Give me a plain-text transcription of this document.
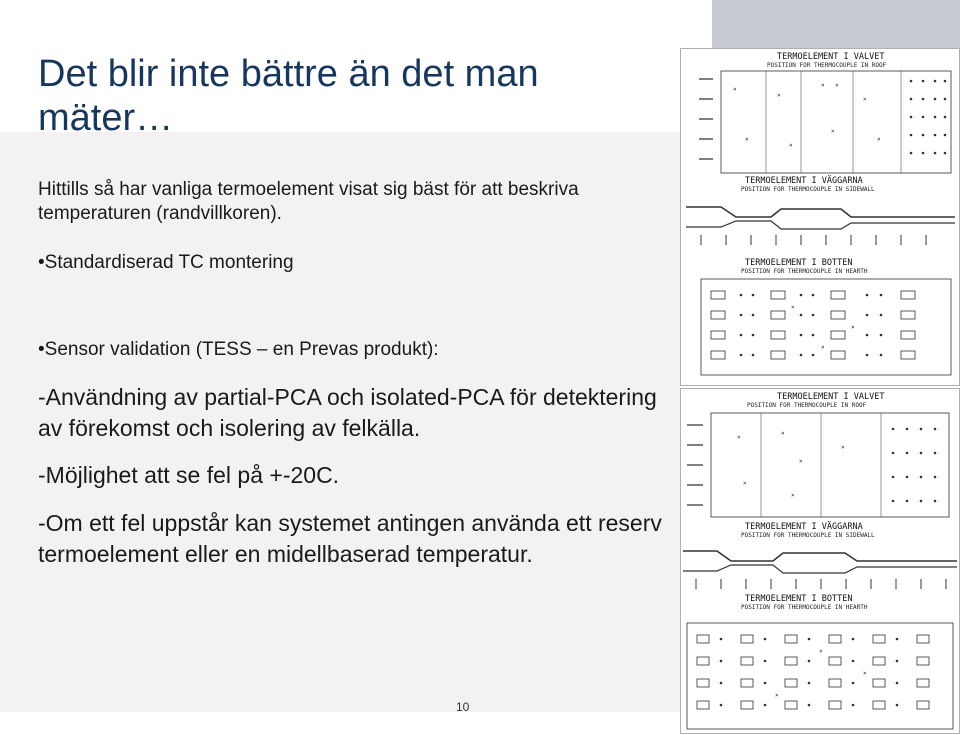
Det blir inte bättre än det man mäter…
Hittills så har vanliga termoelement visat sig bäst för att beskriva temperaturen (randvillkoren).
• Standardiserad TC montering
• Sensor validation (TESS – en Prevas produkt):
-Användning av partial-PCA och isolated-PCA för detektering av förekomst och isolering av felkälla.
-Möjlighet att se fel på +-20C.
-Om ett fel uppstår kan systemet antingen använda ett reserv termoelement eller en midellbaserad temperatur.
10
TERMOELEMENT I VALVET
POSITION FOR THERMOCOUPLE IN ROOF
×
×
× ×
×
×
×
×
×
TERMOELEMENT I VÄGGARNA
POSITION FOR THERMOCOUPLE IN SIDEWALL
TERMOELEMENT I BOTTEN
POSITION FOR THERMOCOUPLE IN HEARTH
×
×
×
TERMOELEMENT I VALVET
POSITION FOR THERMOCOUPLE IN ROOF
×
×
×
×
×
×
TERMOELEMENT I VÄGGARNA
POSITION FOR THERMOCOUPLE IN SIDEWALL
TERMOELEMENT I BOTTEN
POSITION FOR THERMOCOUPLE IN HEARTH
×
×
×
